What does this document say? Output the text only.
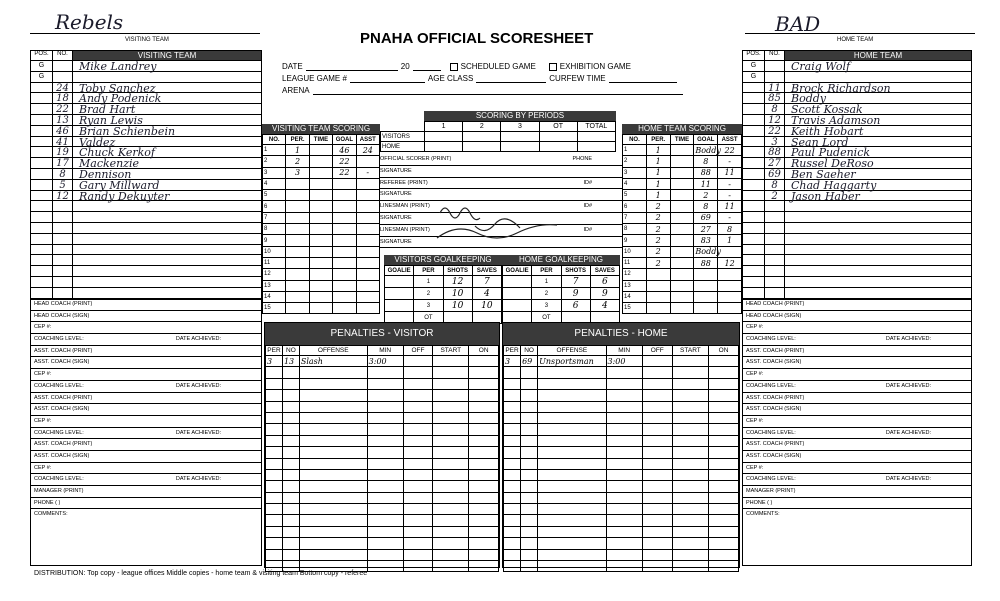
Rebels
VISITING TEAM
BAD
HOME TEAM
PNAHA OFFICIAL SCORESHEET
DATE	20	SCHEDULED GAME	EXHIBITION GAME
LEAGUE GAME #	AGE CLASS	CURFEW TIME
ARENA
POS.	NO.	VISITING TEAM
G	Mike Landrey
G
24 Toby Sanchez
18 Andy Podenick
22 Brad Hart
13 Ryan Lewis
46 Brian Schienbein
41 Valdez
19 Chuck Kerkof
17 Mackenzie
8	Dennison
5	Gary Millward
12 Randy Dekuyter
POS.	NO.	HOME TEAM
G	Craig Wolf
G
11 Brock Richardson
85 Boddy
8	Scott Kossak
12 Travis Adamson
22 Keith Hobart
3	Sean Lord
88 Paul Pudenick
27 Russel DeRoso
69 Ben Saeher
8	Chad Haggarty
2	Jason Haber
VISITING TEAM SCORING
NO.	PER.	TIME	GOAL	ASST
1	1		46	24
2	2		22	
3	3		22	-
4				
5				
6				
7				
8				
9				
10				
11				
12				
13				
14				
15				
HOME TEAM SCORING
NO.	PER.	TIME	GOAL	ASST
1	1		Boddy	22
2	1		8	-
3	1		88	11
4	1		11	-
5	1		2	-
6	2		8	11
7	2		69	-
8	2		27	8
9	2		83	1
10	2		Boddy	
11	2		88	12
12				
13				
14				
15				
SCORING BY PERIODS
	1	2	3	OT	TOTAL
VISITORS					
HOME					
OFFICIAL SCORER (PRINT)	PHONE
SIGNATURE
REFEREE (PRINT)	ID#
SIGNATURE
LINESMAN (PRINT)	ID#
SIGNATURE
LINESMAN (PRINT)	ID#
SIGNATURE
VISITORS GOALKEEPING
GOALIE	PER	SHOTS	SAVES
	1	12	7
	2	10	4
	3	10	10
	OT		
HOME GOALKEEPING
GOALIE	PER	SHOTS	SAVES
	1	7	6
	2	9	9
	3	6	4
	OT		
PENALTIES - VISITOR
PER	NO	OFFENSE	MIN	OFF	START	ON
3	13	Slash	3:00			

PENALTIES - HOME
PER	NO	OFFENSE	MIN	OFF	START	ON
3	69	Unsportsman	3:00			

HEAD COACH (PRINT)
HEAD COACH (SIGN)
CEP #:
COACHING LEVEL:	DATE ACHIEVED:
ASST. COACH (PRINT)
ASST. COACH (SIGN)
CEP #:
COACHING LEVEL:	DATE ACHIEVED:
ASST. COACH (PRINT)
ASST. COACH (SIGN)
CEP #:
COACHING LEVEL:	DATE ACHIEVED:
ASST. COACH (PRINT)
ASST. COACH (SIGN)
CEP #:
COACHING LEVEL:	DATE ACHIEVED:
MANAGER (PRINT)
PHONE ( )
COMMENTS:
HEAD COACH (PRINT)
HEAD COACH (SIGN)
CEP #:
COACHING LEVEL:	DATE ACHIEVED:
ASST. COACH (PRINT)
ASST. COACH (SIGN)
CEP #:
COACHING LEVEL:	DATE ACHIEVED:
ASST. COACH (PRINT)
ASST. COACH (SIGN)
CEP #:
COACHING LEVEL:	DATE ACHIEVED:
ASST. COACH (PRINT)
ASST. COACH (SIGN)
CEP #:
COACHING LEVEL:	DATE ACHIEVED:
MANAGER (PRINT)
PHONE ( )
COMMENTS:
DISTRIBUTION: Top copy - league offices Middle copies - home team & visiting team Bottom copy - referee
